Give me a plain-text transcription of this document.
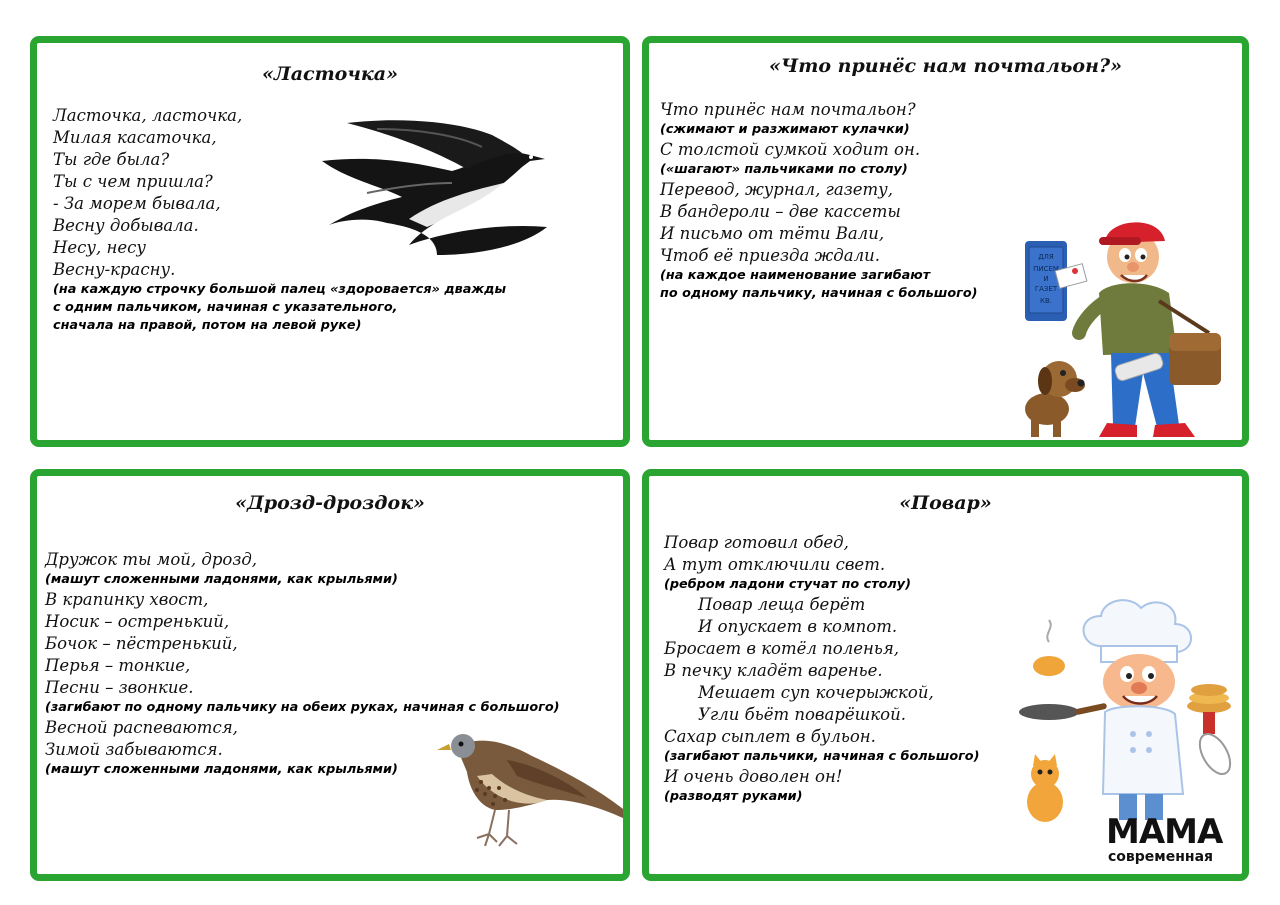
«Ласточка»
Ласточка, ласточка,
Милая касаточка,
Ты где была?
Ты с чем пришла?
- За морем бывала,
Весну добывала.
Несу, несу
Весну-красну.
(на каждую строчку большой палец «здоровается» дважды
с одним пальчиком, начиная с указательного,
сначала на правой, потом на левой руке)
«Что принёс нам почтальон?»
Что принёс нам почтальон?
(сжимают и разжимают кулачки)
С толстой сумкой ходит он.
(«шагают» пальчиками по столу)
Перевод, журнал, газету,
В бандероли – две кассеты
И письмо от тёти Вали,
Чтоб её приезда ждали.
(на каждое наименование загибают
по одному пальчику, начиная с большого)
ДЛЯ
ПИСЕМ
И
ГАЗЕТ
КВ.
«Дрозд-дроздок»
Дружок ты мой, дрозд,
(машут сложенными ладонями, как крыльями)
В крапинку хвост,
Носик – остренький,
Бочок – пёстренький,
Перья – тонкие,
Песни – звонкие.
(загибают по одному пальчику на обеих руках, начиная с большого)
Весной распеваются,
Зимой забываются.
(машут сложенными ладонями, как крыльями)
«Повар»
Повар готовил обед,
А тут отключили свет.
(ребром ладони стучат по столу)
Повар леща берёт
И опускает в компот.
Бросает в котёл поленья,
В печку кладёт варенье.
Мешает суп кочерыжкой,
Угли бьёт поварёшкой.
Сахар сыплет в бульон.
(загибают пальчики, начиная с большого)
И очень доволен он!
(разводят руками)
МАМА
современная
